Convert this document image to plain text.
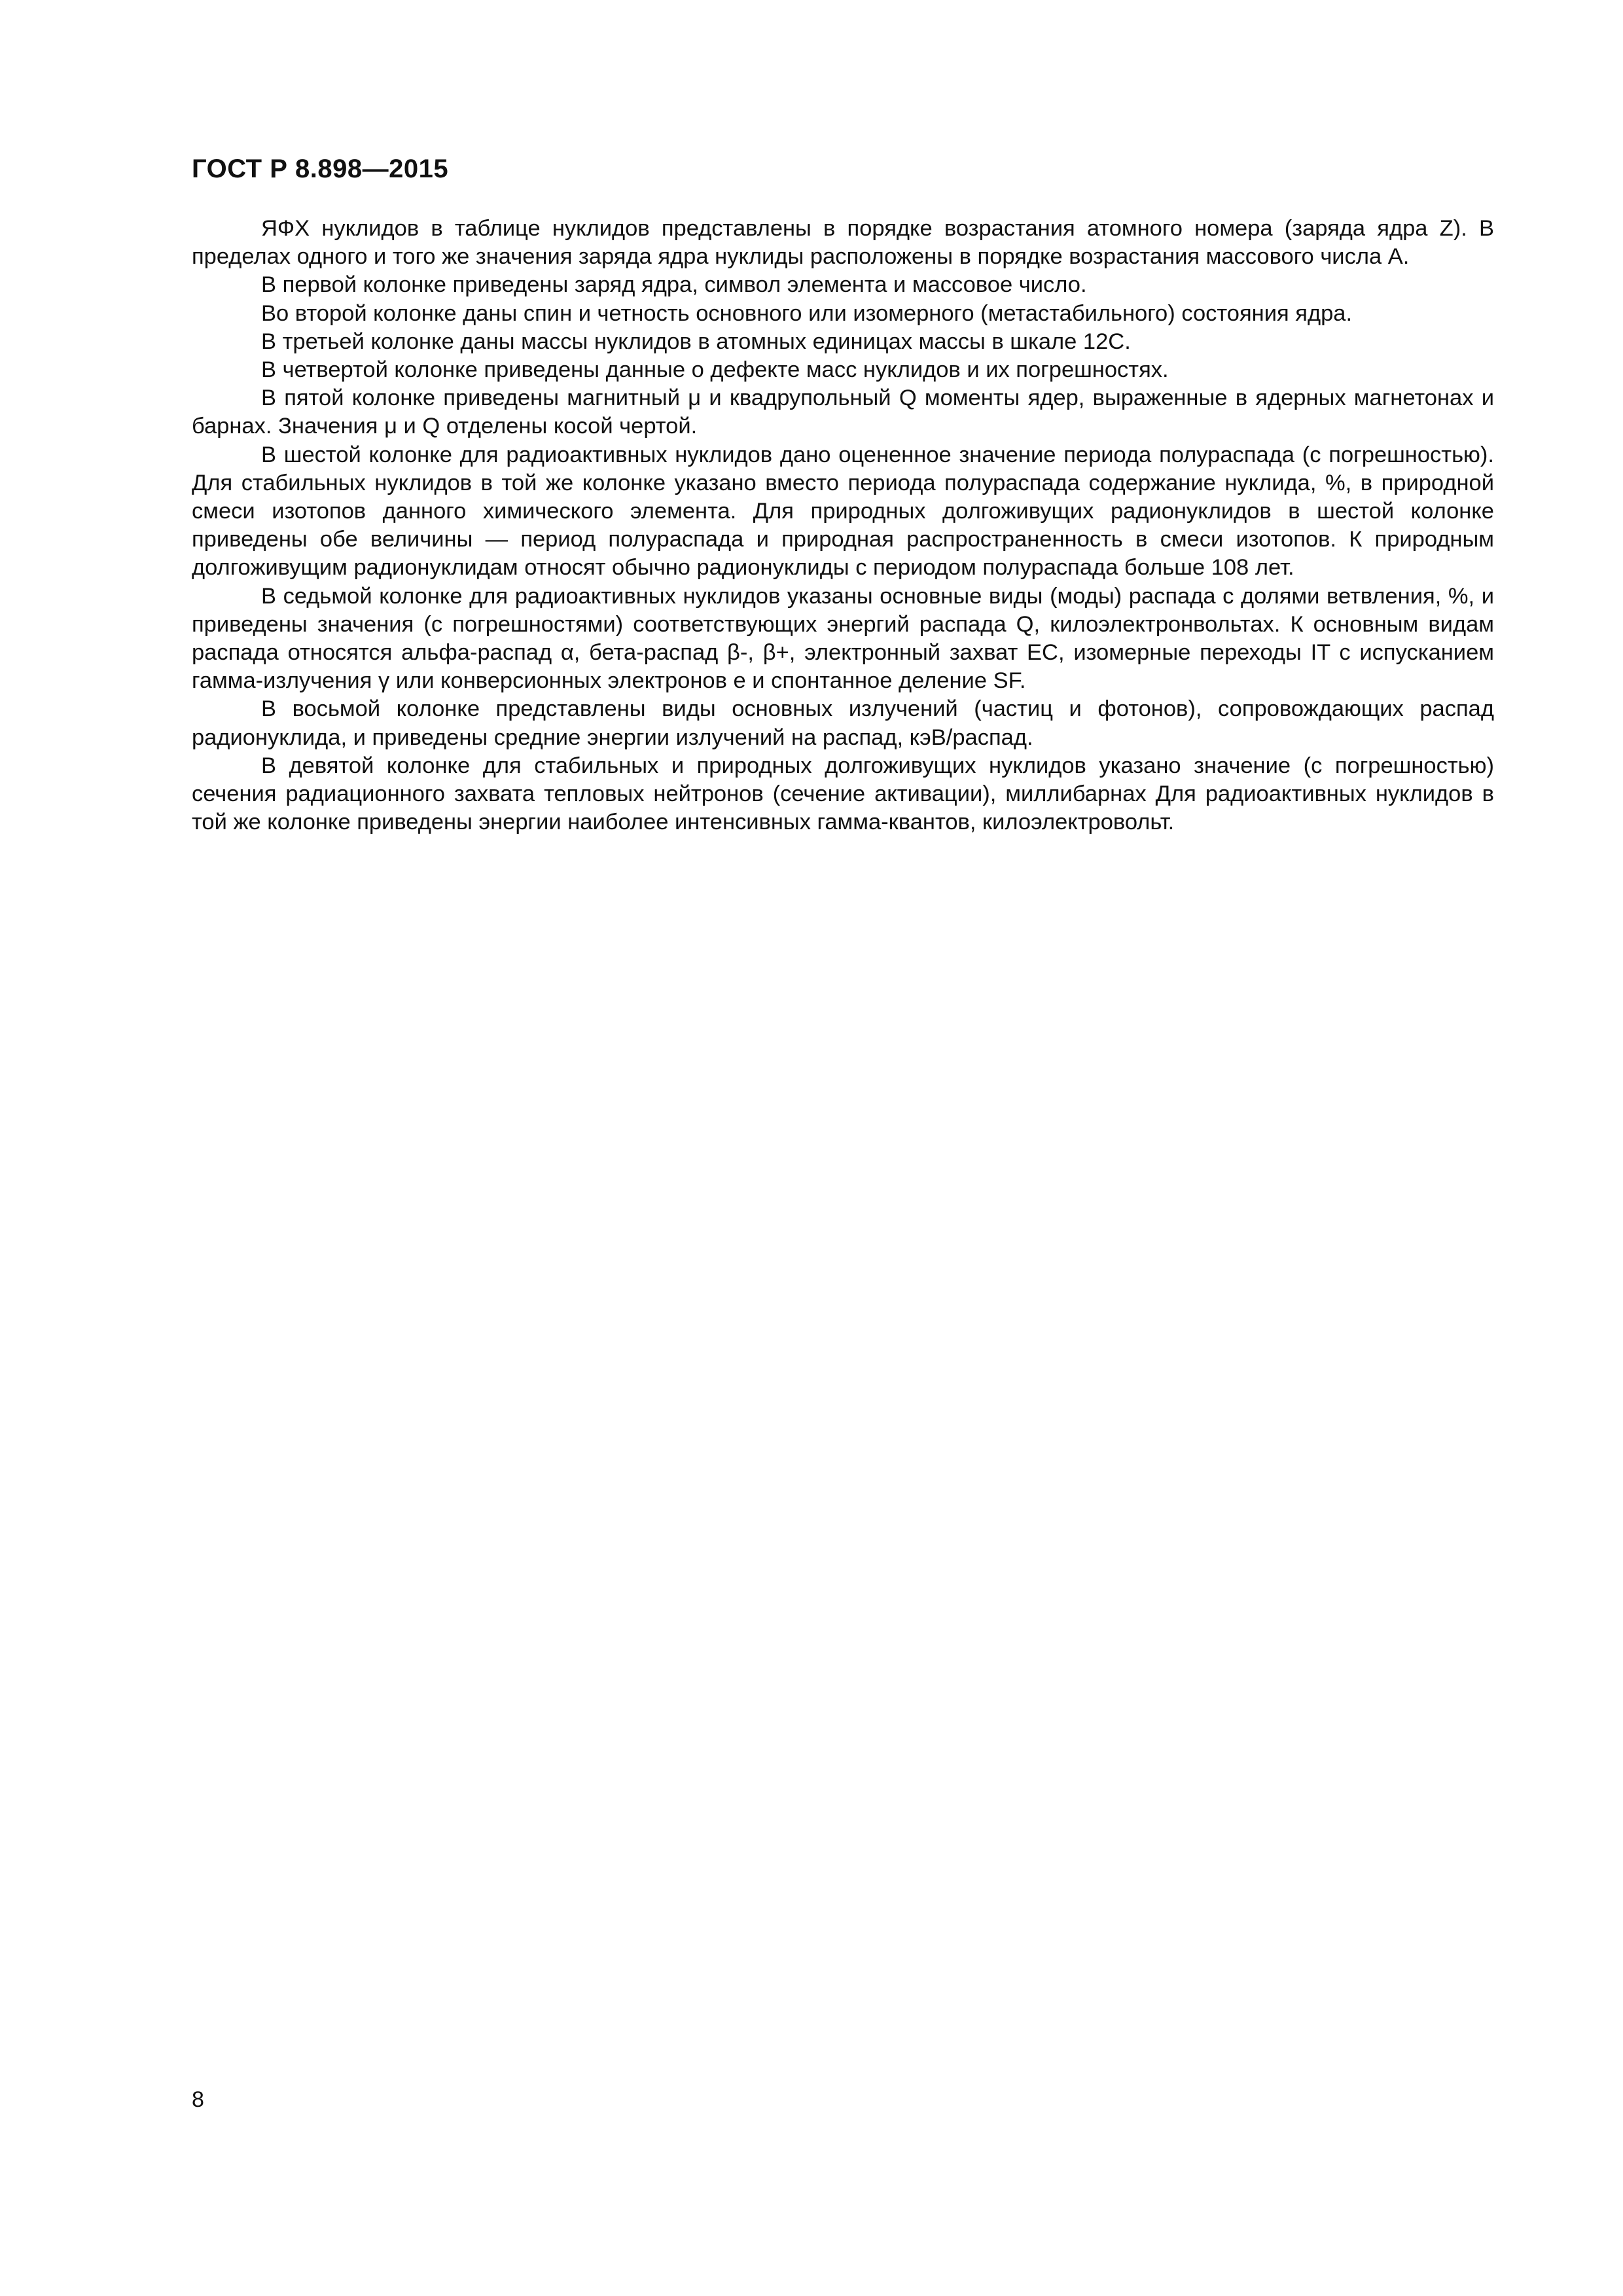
ГОСТ Р 8.898—2015

ЯФХ нуклидов в таблице нуклидов представлены в порядке возрастания атомного номера (заряда ядра Z). В пределах одного и того же значения заряда ядра нуклиды расположены в порядке возрастания массового числа A.

В первой колонке приведены заряд ядра, символ элемента и массовое число.

Во второй колонке даны спин и четность основного или изомерного (метастабильного) состояния ядра.

В третьей колонке даны массы нуклидов в атомных единицах массы в шкале 12C.

В четвертой колонке приведены данные о дефекте масс нуклидов и их погрешностях.

В пятой колонке приведены магнитный μ и квадрупольный Q моменты ядер, выраженные в ядерных магнетонах и барнах. Значения μ и Q отделены косой чертой.

В шестой колонке для радиоактивных нуклидов дано оцененное значение периода полураспада (с погрешностью). Для стабильных нуклидов в той же колонке указано вместо периода полураспада содержание нуклида, %, в природной смеси изотопов данного химического элемента. Для природных долгоживущих радионуклидов в шестой колонке приведены обе величины — период полураспада и природная распространенность в смеси изотопов. К природным долгоживущим радионуклидам относят обычно радионуклиды с периодом полураспада больше 108 лет.

В седьмой колонке для радиоактивных нуклидов указаны основные виды (моды) распада с долями ветвления, %, и приведены значения (с погрешностями) соответствующих энергий распада Q, килоэлектронвольтах. К основным видам распада относятся альфа-распад α, бета-распад β-, β+, электронный захват EC, изомерные переходы IT с испусканием гамма-излучения γ или конверсионных электронов e и спонтанное деление SF.

В восьмой колонке представлены виды основных излучений (частиц и фотонов), сопровождающих распад радионуклида, и приведены средние энергии излучений на распад, кэВ/распад.

В девятой колонке для стабильных и природных долгоживущих нуклидов указано значение (с погрешностью) сечения радиационного захвата тепловых нейтронов (сечение активации), миллибарнах Для радиоактивных нуклидов в той же колонке приведены энергии наиболее интенсивных гамма-квантов, килоэлектровольт.

8
